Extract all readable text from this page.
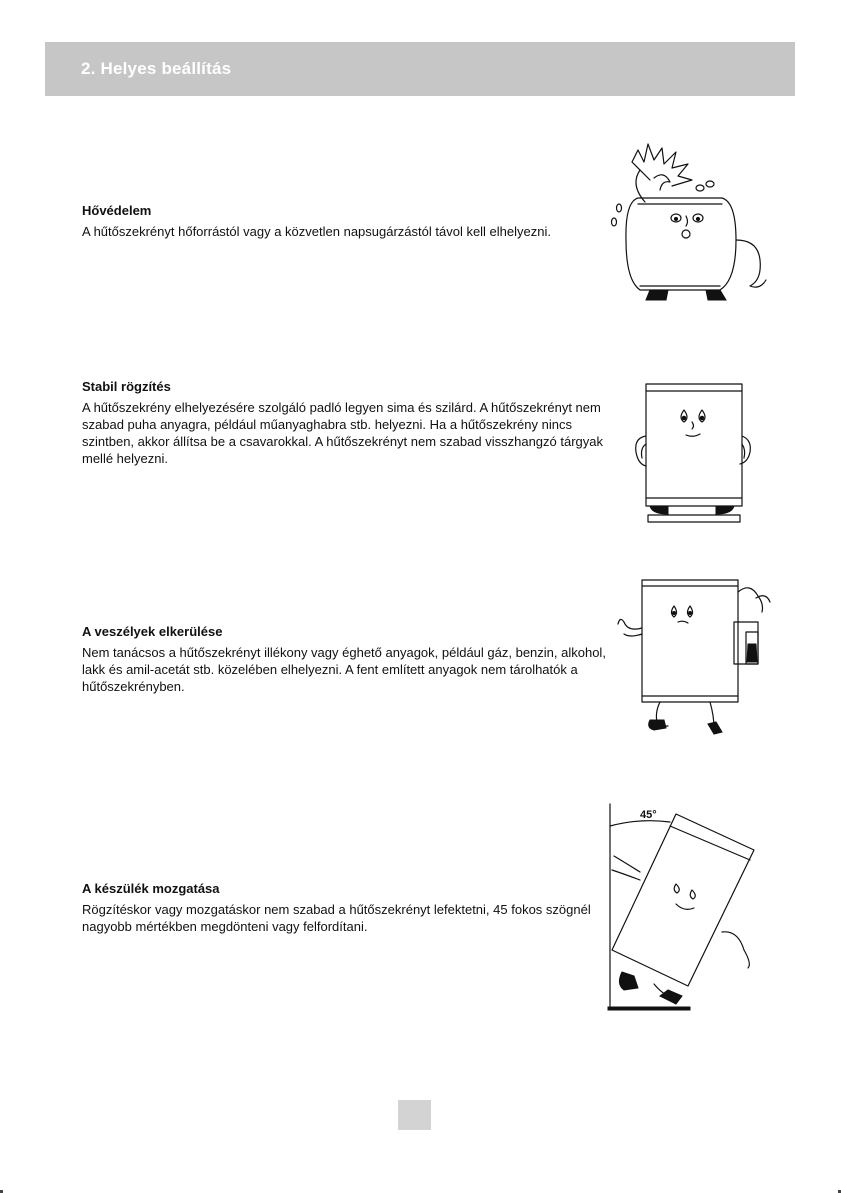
2. Helyes beállítás
Hővédelem

A hűtőszekrényt hőforrástól vagy a közvetlen napsugárzástól távol kell elhelyezni.

Stabil rögzítés

A hűtőszekrény elhelyezésére szolgáló padló legyen sima és szilárd. A hűtőszekrényt nem szabad puha anyagra, például műanyaghabra stb. helyezni. Ha a hűtőszekrény nincs szintben, akkor állítsa be a csavarokkal. A hűtőszekrényt nem szabad visszhangzó tárgyak mellé helyezni.

A veszélyek elkerülése

Nem tanácsos a hűtőszekrényt illékony vagy éghető anyagok, például gáz, benzin, alkohol, lakk és amil-acetát stb. közelében elhelyezni. A fent említett anyagok nem tárolhatók a hűtőszekrényben.

A készülék mozgatása

Rögzítéskor vagy mozgatáskor nem szabad a hűtőszekrényt lefektetni, 45 fokos szögnél nagyobb mértékben megdönteni vagy felfordítani.

45°
